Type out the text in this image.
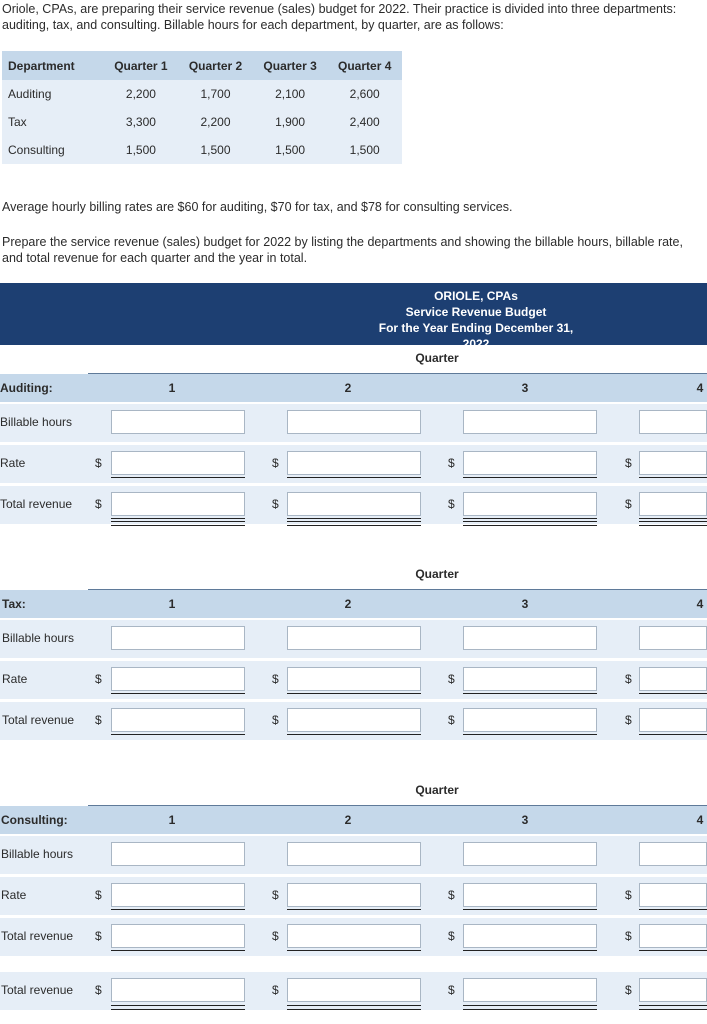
Oriole, CPAs, are preparing their service revenue (sales) budget for 2022. Their practice is divided into three departments: auditing, tax, and consulting. Billable hours for each department, by quarter, are as follows:

Department	Quarter 1	Quarter 2	Quarter 3	Quarter 4
Auditing	2,200	1,700	2,100	2,600
Tax	3,300	2,200	1,900	2,400
Consulting	1,500	1,500	1,500	1,500

Average hourly billing rates are $60 for auditing, $70 for tax, and $78 for consulting services.

Prepare the service revenue (sales) budget for 2022 by listing the departments and showing the billable hours, billable rate, and total revenue for each quarter and the year in total.

ORIOLE, CPAs
Service Revenue Budget
For the Year Ending December 31, 2022
Quarter
Auditing:	1	2	3	4
Billable hours
Rate	$	$	$	$
Total revenue $	$	$	$
Quarter
Tax:	1	2	3	4
Billable hours
Rate	$	$	$	$
Total revenue $	$	$	$
Quarter
Consulting:	1	2	3	4
Billable hours
Rate	$	$	$	$
Total revenue $	$	$	$
Total revenue $	$	$	$
